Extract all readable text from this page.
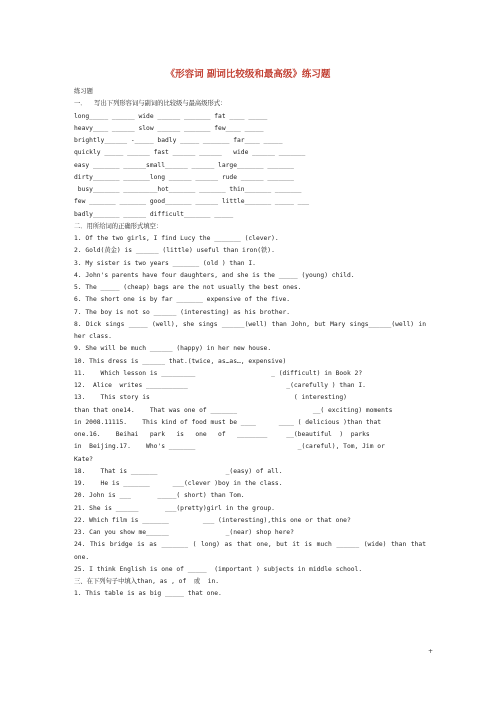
《形容词 副词比较级和最高级》练习题
练习题
一．  写出下列形容词与副词的比较级与最高级形式：
long_____ ______ wide ______ _______ fat ____ _____
heavy____ ______ slow ______ _______ few____ _____
brightly______ -_____ badly _____ _______ far____ _____
quickly _____ ______ fast ______ ______   wide ______ _______
easy _______ ______small______ ______ large_______ _______
dirty_______ _______long ______ ______ rude ______ _______
busy_______ _________hot_______ _______ thin_______ _______
few _______ _______ good_______ ______ little_______ _____ ___
badly_______ ______ difficult_______ _____
二．用所给词的正确形式填空：
1. Of the two girls, I find Lucy the _______ (clever).
2. Gold(黄金) is ______ (little) useful than iron(铁).
3. My sister is two years _______ (old ) than I.
4. John's parents have four daughters, and she is the _____ (young) child.
5. The _____ (cheap) bags are the not usually the best ones.
6. The short one is by far _______ expensive of the five.
7. The boy is not so ______ (interesting) as his brother.
8. Dick sings _____ (well), she sings ______(well) than John, but Mary sings______(well) in her class.
9. She will be much ______ (happy) in her new house.
10. This dress is ______ that.(twice, as…as…, expensive)
11.    Which lesson is _________                    _ (difficult) in Book 2?
12.  Alice  writes ___________                          _(carefully ) than I.
13.    This story is                                      ( interesting)
than that one14.    That was one of _______                    __( exciting) moments
in 2008.11115.    This kind of food must be ____      ____ ( delicious )than that
one.16.    Beihai   park   is   one   of   ________     __(beautiful  )  parks
in  Beijing.17.    Who's _______                           _(careful), Tom, Jim or
Kate?
18.    That is _______                  _(easy) of all.
19.    He is _______      ___(clever )boy in the class.
20. John is ___       _____( short) than Tom.
21. She is ______       ___(pretty)girl in the group.
22. Which film is _______         ___ (interesting),this one or that one?
23. Can you show me______               _(near) shop here?
24. This bridge is as _______ ( long) as that one, but it is much ______ (wide) than that one.
25. I think English is one of _____  (important ) subjects in middle school.
三、在下列句子中填入than, as , of  或  in.
1. This table is as big _____ that one.
+
